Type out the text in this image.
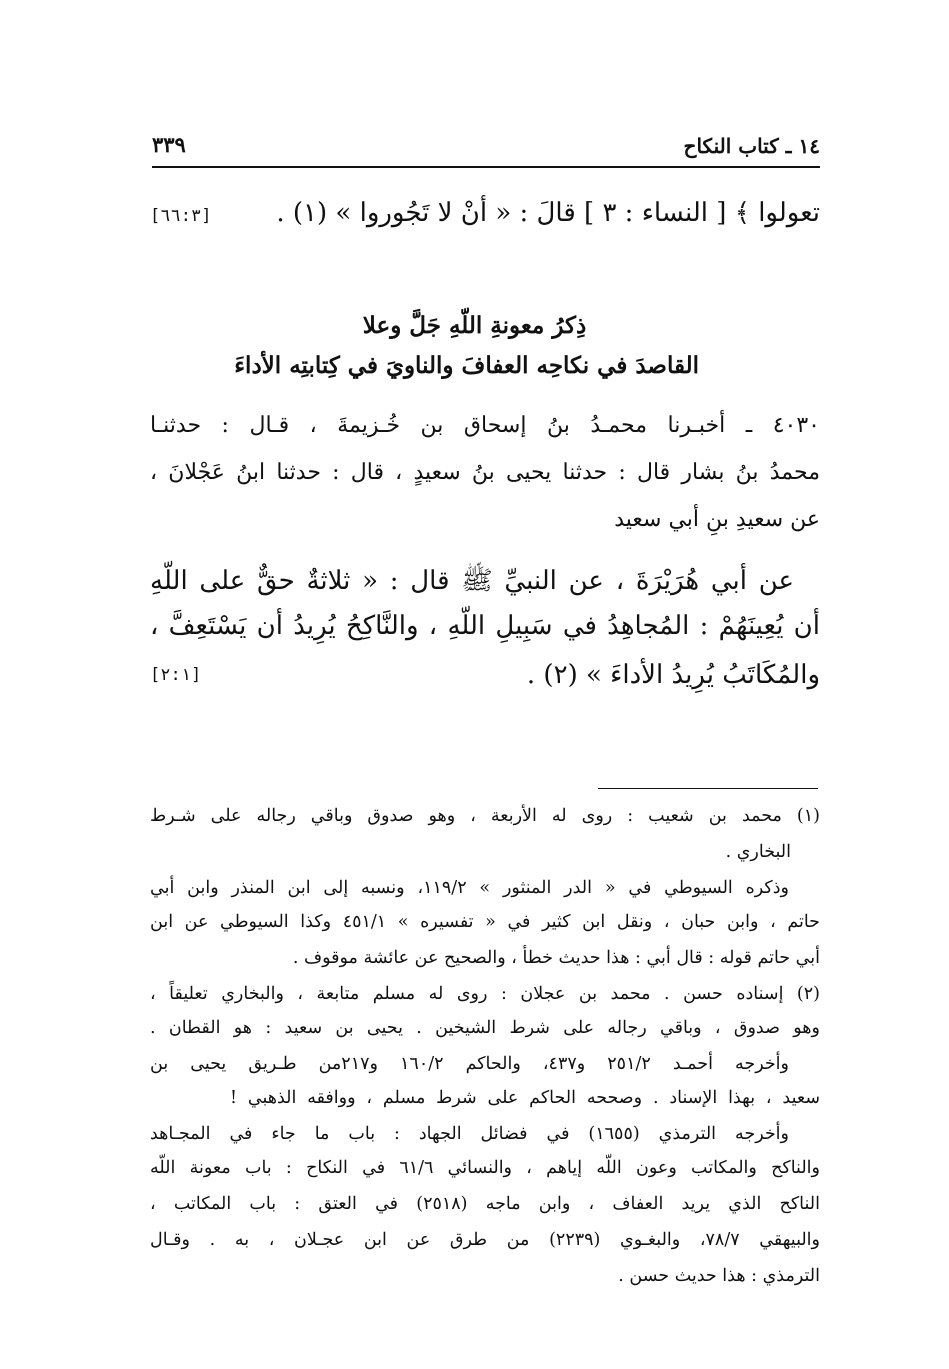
١٤ ـ كتاب النكاح
٣٣٩
تعولوا ﴾ [ النساء : ٣ ] قالَ : « أنْ لا تَجُوروا » (١) .
[٦٦:٣]
ذِكرُ معونةِ اللّهِ جَلَّ وعلا
القاصدَ في نكاحِه العفافَ والناويَ في كِتابتِه الأداءَ
٤٠٣٠ ـ أخبـرنا محمـدُ بنُ إسحاق بن خُـزيمةَ ، قـال : حدثنـا
محمدُ بنُ بشار قال : حدثنا يحيى بنُ سعيدٍ ، قال : حدثنا ابنُ عَجْلانَ ،
عن سعيدِ بنِ أبي سعيد
عن أبي هُرَيْرَةَ ، عن النبيِّ ﷺ قال : « ثلاثةٌ حقٌّ على اللّهِ
أن يُعِينَهُمْ : المُجاهِدُ في سَبِيلِ اللّهِ ، والنَّاكِحُ يُرِيدُ أن يَسْتَعِفَّ ،
والمُكَاتَبُ يُرِيدُ الأداءَ » (٢) .
[٢:١]
(١) محمد بن شعيب : روى له الأربعة ، وهو صدوق وباقي رجاله على شـرط
البخاري .
وذكره السيوطي في « الدر المنثور » ١١٩/٢، ونسبه إلى ابن المنذر وابن أبي
حاتم ، وابن حبان ، ونقل ابن كثير في « تفسيره » ٤٥١/١ وكذا السيوطي عن ابن
أبي حاتم قوله : قال أبي : هذا حديث خطأ ، والصحيح عن عائشة موقوف .
(٢) إسناده حسن . محمد بن عجلان : روى له مسلم متابعة ، والبخاري تعليقاً ،
وهو صدوق ، وباقي رجاله على شرط الشيخين . يحيى بن سعيد : هو القطان .
وأخرجه أحمـد ٢٥١/٢ و٤٣٧، والحاكم ١٦٠/٢ و٢١٧من طـريق يحيى بن
سعيد ، بهذا الإسناد . وصححه الحاكم على شرط مسلم ، ووافقه الذهبي !
وأخرجه الترمذي (١٦٥٥) في فضائل الجهاد : باب ما جاء في المجـاهد
والناكح والمكاتب وعون اللّه إياهم ، والنسائي ٦١/٦ في النكاح : باب معونة اللّه
الناكح الذي يريد العفاف ، وابن ماجه (٢٥١٨) في العتق : باب المكاتب ،
والبيهقي ٧٨/٧، والبغـوي (٢٢٣٩) من طرق عن ابن عجـلان ، به . وقـال
الترمذي : هذا حديث حسن .
